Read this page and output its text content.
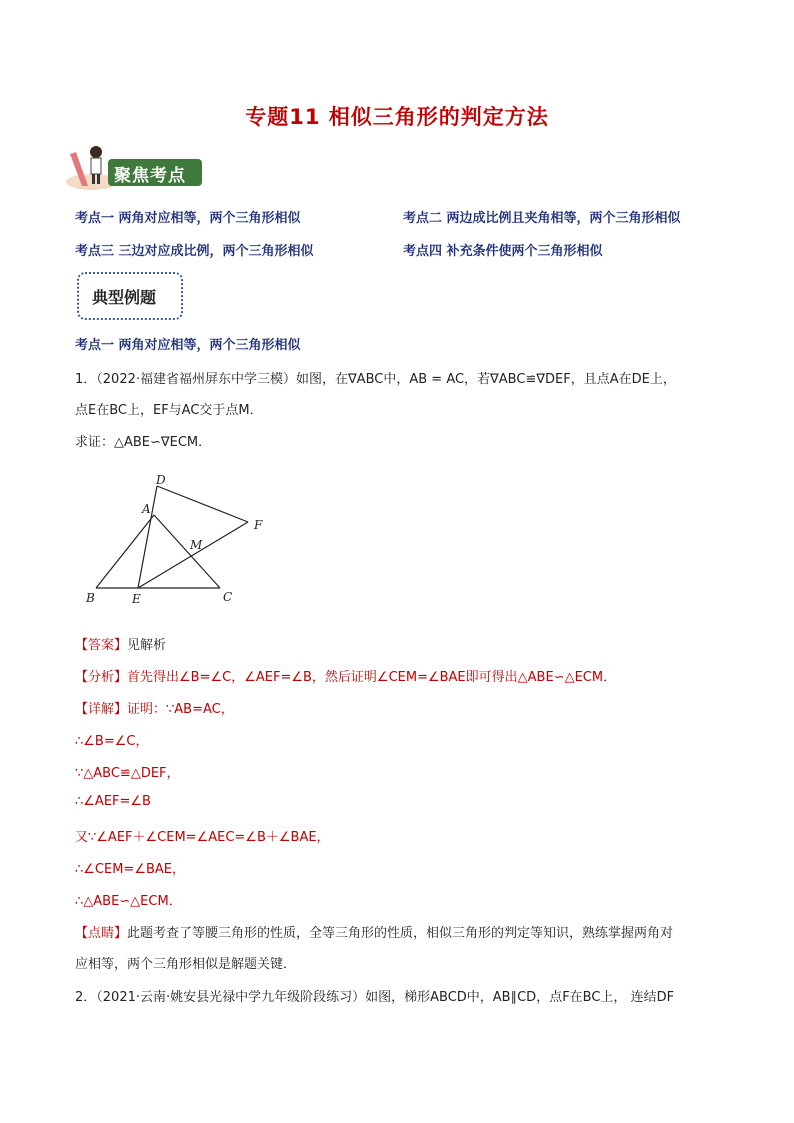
专题11 相似三角形的判定方法
聚焦考点
考点一 两角对应相等，两个三角形相似	考点二 两边成比例且夹角相等，两个三角形相似
考点三 三边对应成比例，两个三角形相似	考点四 补充条件使两个三角形相似
典型例题
考点一 两角对应相等，两个三角形相似
1．（2022·福建省福州屏东中学三模）如图，在∇ABC中，AB = AC，若∇ABC≌∇DEF，且点A在DE上，
点E在BC上，EF与AC交于点M．
求证：△ABE∽∇ECM．
D
A
F
M
B	E	C
【答案】见解析
【分析】首先得出∠B=∠C，∠AEF=∠B，然后证明∠CEM=∠BAE即可得出△ABE∽△ECM．
【详解】证明：∵AB=AC，
∴∠B=∠C，
∵△ABC≌△DEF，
∴∠AEF=∠B
又∵∠AEF＋∠CEM=∠AEC=∠B＋∠BAE，
∴∠CEM=∠BAE，
∴△ABE∽△ECM．
【点睛】此题考查了等腰三角形的性质，全等三角形的性质，相似三角形的判定等知识，熟练掌握两角对
应相等，两个三角形相似是解题关键．
2．（2021·云南·姚安县光禄中学九年级阶段练习）如图，梯形ABCD中，AB∥CD，点F在BC上， 连结DF
